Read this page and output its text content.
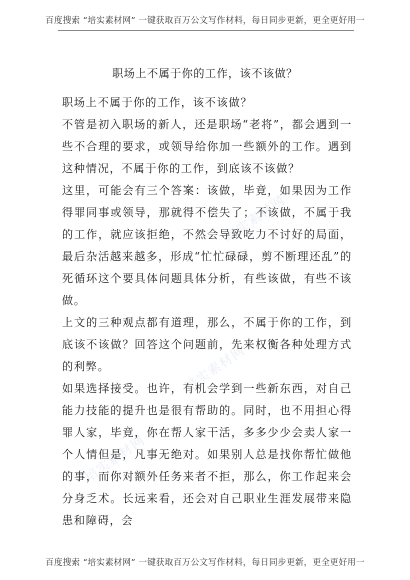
百度搜索 “培实素材网” 一键获取百万公文写作材料，每日同步更新，更全更好用一
职场上不属于你的工作，该不该做？

职场上不属于你的工作，该不该做？

不管是初入职场的新人，还是职场“老将”，都会遇到一些不合理的要求，或领导给你加一些额外的工作。遇到这种情况，不属于你的工作，到底该不该做？

这里，可能会有三个答案：该做，毕竟，如果因为工作得罪同事或领导，那就得不偿失了；不该做，不属于我的工作，就应该拒绝，不然会导致吃力不讨好的局面，最后杂活越来越多，形成“忙忙碌碌，剪不断理还乱”的死循环这个要具体问题具体分析，有些该做，有些不该做。

上文的三种观点都有道理，那么，不属于你的工作，到底该不该做？回答这个问题前，先来权衡各种处理方式的利弊。

如果选择接受。也许，有机会学到一些新东西，对自己能力技能的提升也是很有帮助的。同时，也不用担心得罪人家，毕竟，你在帮人家干活，多多少少会卖人家一个人情但是，凡事无绝对。如果别人总是找你帮忙做他的事，而你对额外任务来者不拒，那么，你工作起来会分身乏术。长远来看，还会对自己职业生涯发展带来隐患和障碍，会

培实素材网
培实素材网
培实素材网
百度搜索 “培实素材网” 一键获取百万公文写作材料，每日同步更新，更全更好用一
